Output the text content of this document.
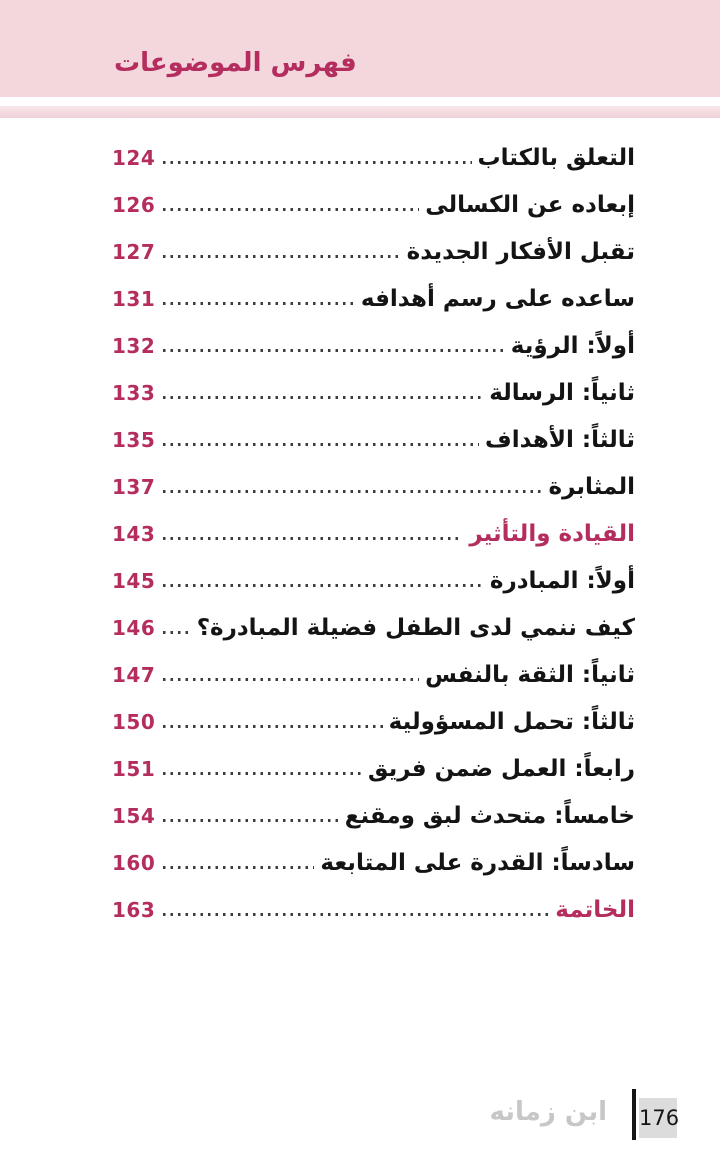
فهرس الموضوعات
124	التعلق بالكتاب
126	إبعاده عن الكسالى
127	تقبل الأفكار الجديدة
131	ساعده على رسم أهدافه
132	أولاً: الرؤية
133	ثانياً: الرسالة
135	ثالثاً: الأهداف
137	المثابرة
143	القيادة والتأثير
145	أولاً: المبادرة
146 كيف ننمي لدى الطفل فضيلة المبادرة؟
147	ثانياً: الثقة بالنفس
150	ثالثاً: تحمل المسؤولية
151	رابعاً: العمل ضمن فريق
154	خامساً: متحدث لبق ومقنع
160	سادساً: القدرة على المتابعة
163	الخاتمة
ابن زمانه 176
